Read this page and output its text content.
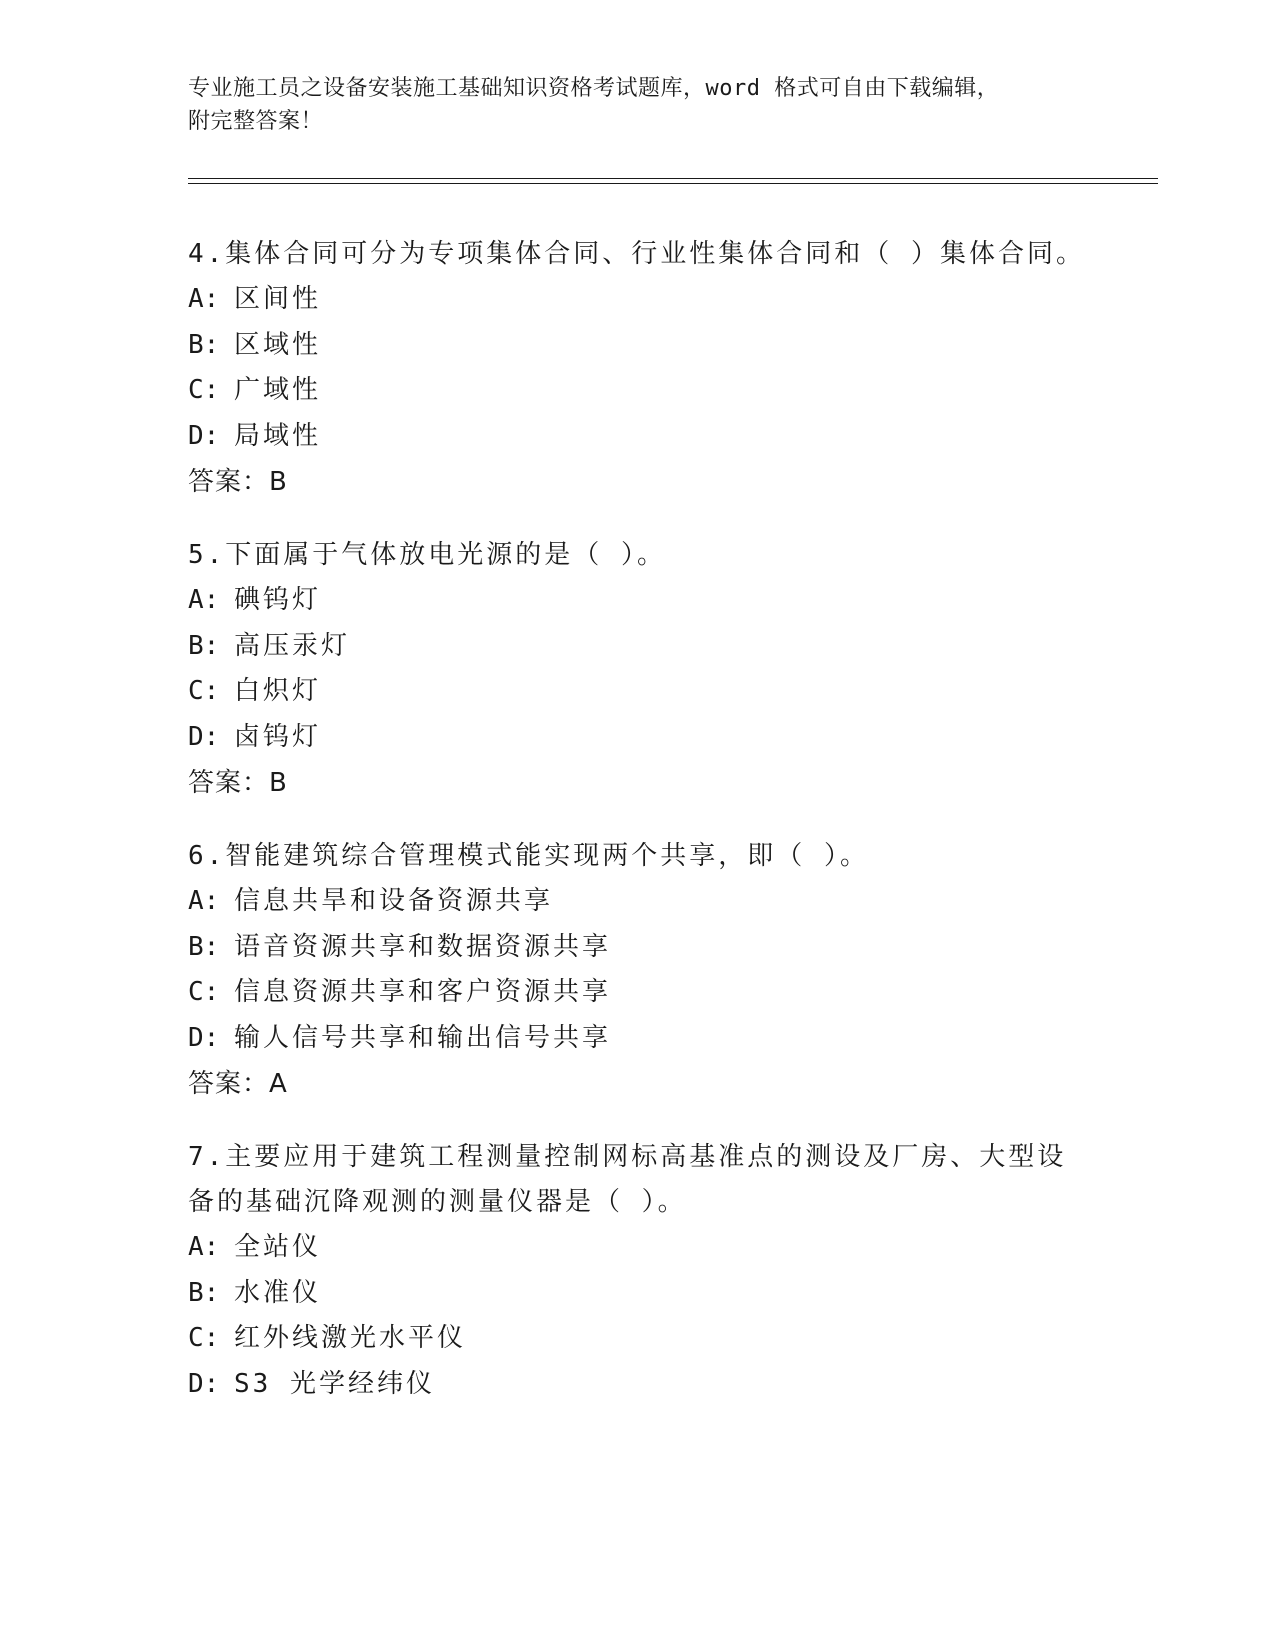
专业施工员之设备安装施工基础知识资格考试题库，word 格式可自由下载编辑，

附完整答案！

4.集体合同可分为专项集体合同、行业性集体合同和（ ）集体合同。

A: 区间性

B: 区域性

C: 广域性

D: 局域性

答案：B

5.下面属于气体放电光源的是（ ）。

A: 碘钨灯

B: 高压汞灯

C: 白炽灯

D: 卤钨灯

答案：B

6.智能建筑综合管理模式能实现两个共享，即（ ）。

A: 信息共旱和设备资源共享

B: 语音资源共享和数据资源共享

C: 信息资源共享和客户资源共享

D: 输人信号共享和输出信号共享

答案：A

7.主要应用于建筑工程测量控制网标高基准点的测设及厂房、大型设

备的基础沉降观测的测量仪器是（ ）。

A: 全站仪

B: 水准仪

C: 红外线激光水平仪

D: S3 光学经纬仪
